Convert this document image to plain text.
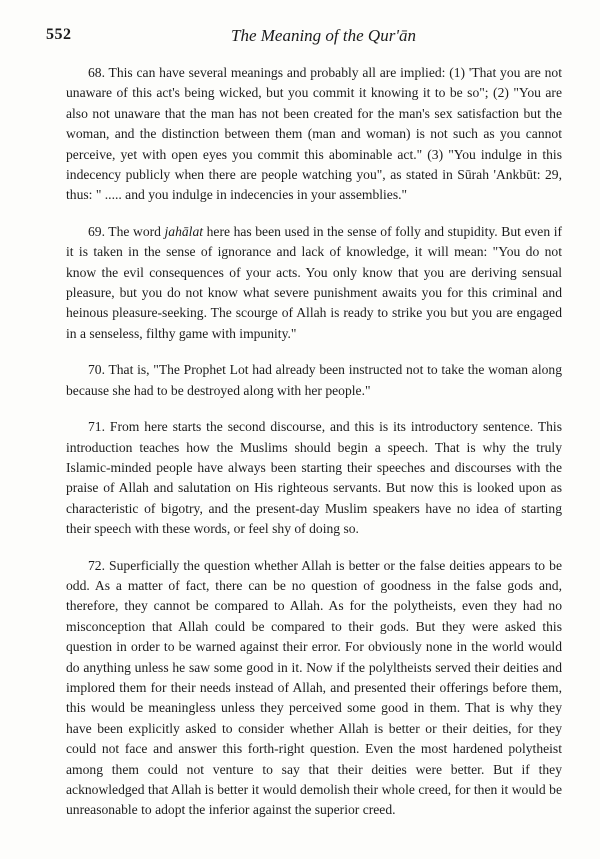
552	The Meaning of the Qur'ān

68. This can have several meanings and probably all are implied: (1) 'That you are not unaware of this act's being wicked, but you commit it knowing it to be so"; (2) "You are also not unaware that the man has not been created for the man's sex satisfaction but the woman, and the distinction between them (man and woman) is not such as you cannot perceive, yet with open eyes you commit this abominable act." (3) "You indulge in this indecency publicly when there are people watching you", as stated in Sūrah 'Ankbūt: 29, thus: " ..... and you indulge in indecencies in your assemblies."

69. The word jahālat here has been used in the sense of folly and stupidity. But even if it is taken in the sense of ignorance and lack of knowledge, it will mean: "You do not know the evil consequences of your acts. You only know that you are deriving sensual pleasure, but you do not know what severe punishment awaits you for this criminal and heinous pleasure-seeking. The scourge of Allah is ready to strike you but you are engaged in a senseless, filthy game with impunity."

70. That is, "The Prophet Lot had already been instructed not to take the woman along because she had to be destroyed along with her people."

71. From here starts the second discourse, and this is its introductory sentence. This introduction teaches how the Muslims should begin a speech. That is why the truly Islamic-minded people have always been starting their speeches and discourses with the praise of Allah and salutation on His righteous servants. But now this is looked upon as characteristic of bigotry, and the present-day Muslim speakers have no idea of starting their speech with these words, or feel shy of doing so.

72. Superficially the question whether Allah is better or the false deities appears to be odd. As a matter of fact, there can be no question of goodness in the false gods and, therefore, they cannot be compared to Allah. As for the polytheists, even they had no misconception that Allah could be compared to their gods. But they were asked this question in order to be warned against their error. For obviously none in the world would do anything unless he saw some good in it. Now if the polyltheists served their deities and implored them for their needs instead of Allah, and presented their offerings before them, this would be meaningless unless they perceived some good in them. That is why they have been explicitly asked to consider whether Allah is better or their deities, for they could not face and answer this forth-right question. Even the most hardened polytheist among them could not venture to say that their deities were better. But if they acknowledged that Allah is better it would demolish their whole creed, for then it would be unreasonable to adopt the inferior against the superior creed.
